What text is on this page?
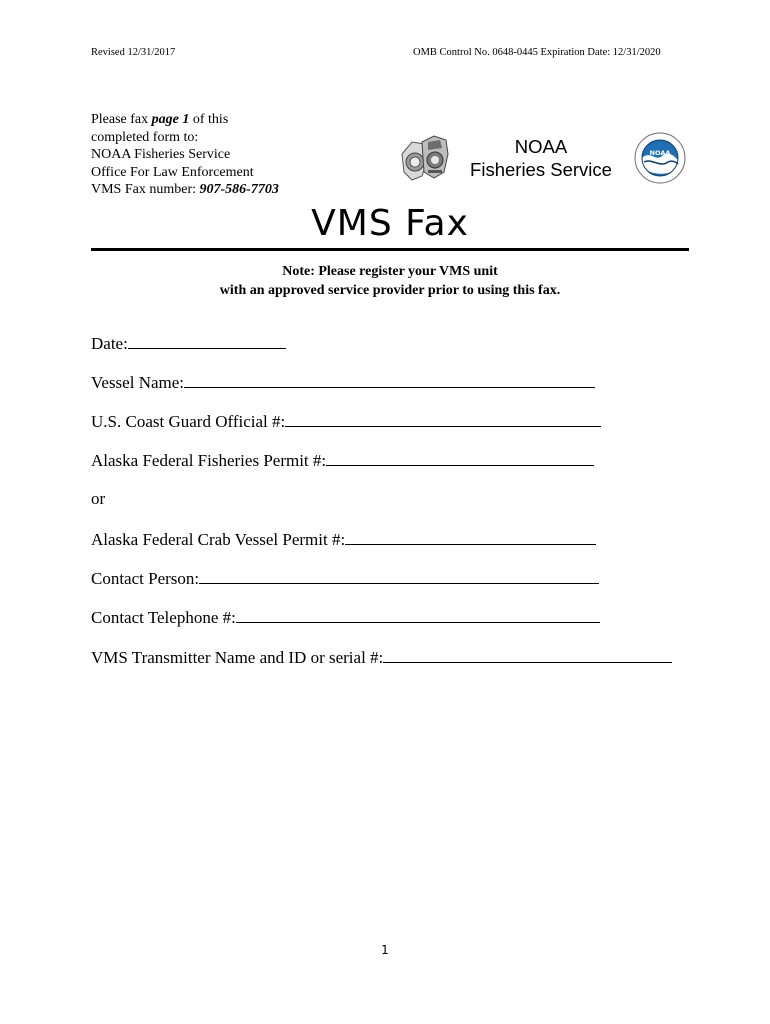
Revised 12/31/2017	OMB Control No. 0648-0445 Expiration Date: 12/31/2020
Please fax page 1 of this
completed form to:
NOAA Fisheries Service
Office For Law Enforcement
VMS Fax number: 907-586-7703
NOAA
NOAA
Fisheries Service
VMS Fax
Note: Please register your VMS unit
with an approved service provider prior to using this fax.
Date:
Vessel Name:
U.S. Coast Guard Official #:
Alaska Federal Fisheries Permit #:
or
Alaska Federal Crab Vessel Permit #:
Contact Person:
Contact Telephone #:
VMS Transmitter Name and ID or serial #:
1
